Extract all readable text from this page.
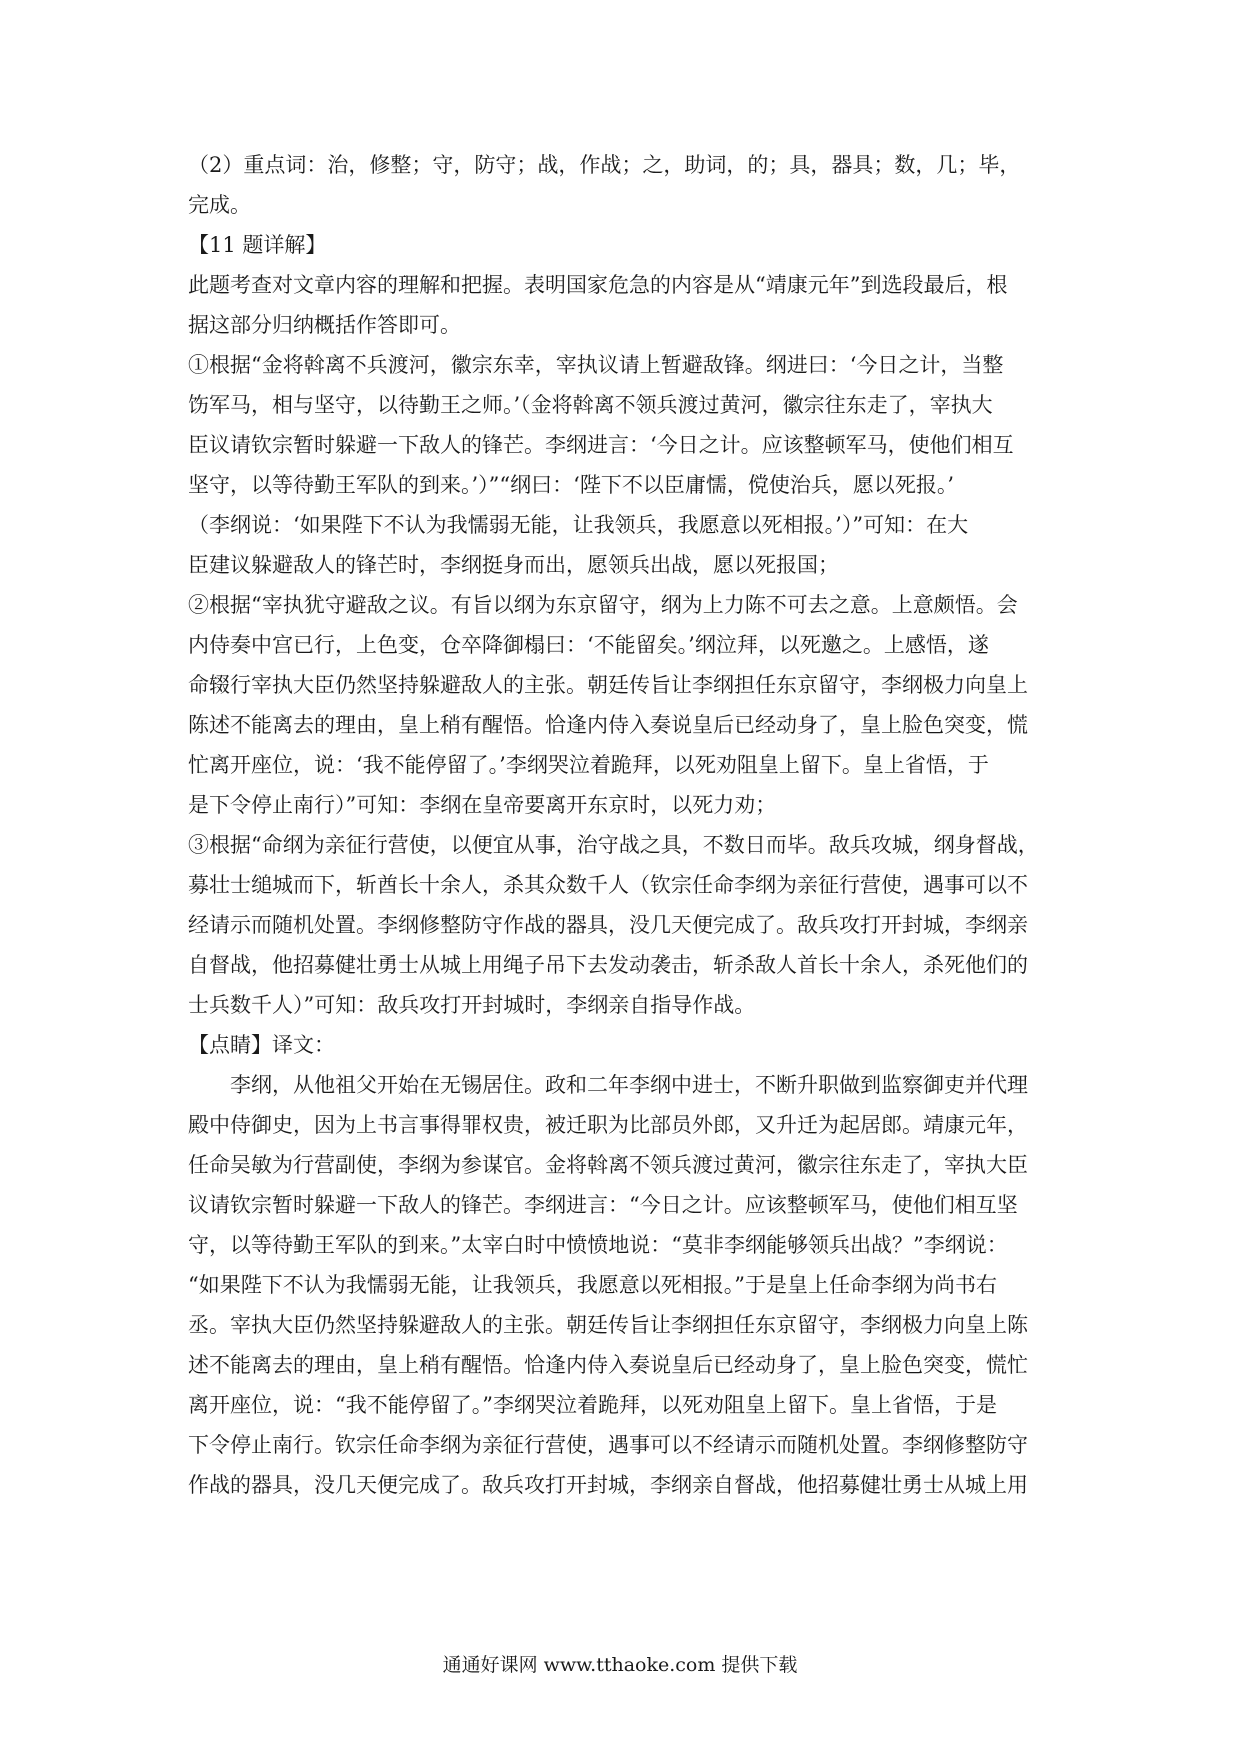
（2）重点词：治，修整；守，防守；战，作战；之，助词，的；具，器具；数，几；毕，
完成。
【11 题详解】
此题考查对文章内容的理解和把握。表明国家危急的内容是从“靖康元年”到选段最后，根
据这部分归纳概括作答即可。
①根据“金将斡离不兵渡河，徽宗东幸，宰执议请上暂避敌锋。纲进曰：‘今日之计，当整
饬军马，相与坚守，以待勤王之师。’（金将斡离不领兵渡过黄河，徽宗往东走了，宰执大
臣议请钦宗暂时躲避一下敌人的锋芒。李纲进言：‘今日之计。应该整顿军马，使他们相互
坚守，以等待勤王军队的到来。’）”“纲曰：‘陛下不以臣庸懦，傥使治兵，愿以死报。’
（李纲说：‘如果陛下不认为我懦弱无能，让我领兵，我愿意以死相报。’）”可知：在大
臣建议躲避敌人的锋芒时，李纲挺身而出，愿领兵出战，愿以死报国；
②根据“宰执犹守避敌之议。有旨以纲为东京留守，纲为上力陈不可去之意。上意颇悟。会
内侍奏中宫已行，上色变，仓卒降御榻曰：‘不能留矣。’纲泣拜，以死邀之。上感悟，遂
命辍行宰执大臣仍然坚持躲避敌人的主张。朝廷传旨让李纲担任东京留守，李纲极力向皇上
陈述不能离去的理由，皇上稍有醒悟。恰逢内侍入奏说皇后已经动身了，皇上脸色突变，慌
忙离开座位，说：‘我不能停留了。’李纲哭泣着跪拜，以死劝阻皇上留下。皇上省悟，于
是下令停止南行）”可知：李纲在皇帝要离开东京时，以死力劝；
③根据“命纲为亲征行营使，以便宜从事，治守战之具，不数日而毕。敌兵攻城，纲身督战，
募壮士缒城而下，斩酋长十余人，杀其众数千人（钦宗任命李纲为亲征行营使，遇事可以不
经请示而随机处置。李纲修整防守作战的器具，没几天便完成了。敌兵攻打开封城，李纲亲
自督战，他招募健壮勇士从城上用绳子吊下去发动袭击，斩杀敌人首长十余人，杀死他们的
士兵数千人）”可知：敌兵攻打开封城时，李纲亲自指导作战。
【点睛】译文：
李纲，从他祖父开始在无锡居住。政和二年李纲中进士，不断升职做到监察御吏并代理
殿中侍御史，因为上书言事得罪权贵，被迁职为比部员外郎，又升迁为起居郎。靖康元年，
任命吴敏为行营副使，李纲为参谋官。金将斡离不领兵渡过黄河，徽宗往东走了，宰执大臣
议请钦宗暂时躲避一下敌人的锋芒。李纲进言：“今日之计。应该整顿军马，使他们相互坚
守，以等待勤王军队的到来。”太宰白时中愤愤地说：“莫非李纲能够领兵出战？”李纲说：
“如果陛下不认为我懦弱无能，让我领兵，我愿意以死相报。”于是皇上任命李纲为尚书右
丞。宰执大臣仍然坚持躲避敌人的主张。朝廷传旨让李纲担任东京留守，李纲极力向皇上陈
述不能离去的理由，皇上稍有醒悟。恰逢内侍入奏说皇后已经动身了，皇上脸色突变，慌忙
离开座位，说：“我不能停留了。”李纲哭泣着跪拜，以死劝阻皇上留下。皇上省悟，于是
下令停止南行。钦宗任命李纲为亲征行营使，遇事可以不经请示而随机处置。李纲修整防守
作战的器具，没几天便完成了。敌兵攻打开封城，李纲亲自督战，他招募健壮勇士从城上用
通通好课网 www.tthaoke.com 提供下载
